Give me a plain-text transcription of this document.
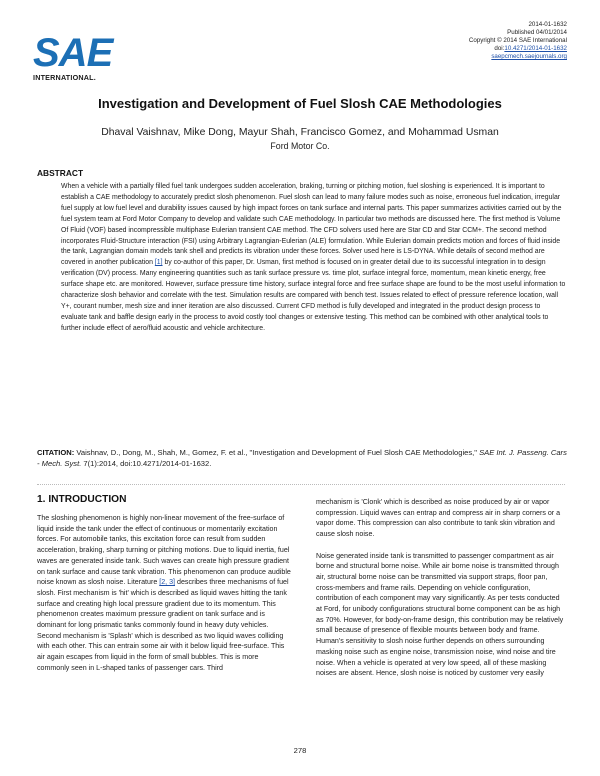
SAE
INTERNATIONAL.
2014-01-1632
Published 04/01/2014
Copyright © 2014 SAE International
doi:10.4271/2014-01-1632
saepcmech.saejournals.org
Investigation and Development of Fuel Slosh CAE Methodologies
Dhaval Vaishnav, Mike Dong, Mayur Shah, Francisco Gomez, and Mohammad Usman
Ford Motor Co.
ABSTRACT
When a vehicle with a partially filled fuel tank undergoes sudden acceleration, braking, turning or pitching motion, fuel sloshing is experienced. It is important to establish a CAE methodology to accurately predict slosh phenomenon. Fuel slosh can lead to many failure modes such as noise, erroneous fuel indication, irregular fuel supply at low fuel level and durability issues caused by high impact forces on tank surface and internal parts. This paper summarizes activities carried out by the fuel system team at Ford Motor Company to develop and validate such CAE methodology. In particular two methods are discussed here. The first method is Volume Of Fluid (VOF) based incompressible multiphase Eulerian transient CAE method. The CFD solvers used here are Star CD and Star CCM+. The second method incorporates Fluid-Structure interaction (FSI) using Arbitrary Lagrangian-Eulerian (ALE) formulation. While Eulerian domain predicts motion and forces of fluid inside the tank, Lagrangian domain models tank shell and predicts its vibration under these forces. Solver used here is LS-DYNA. While details of second method are covered in another publication [1] by co-author of this paper, Dr. Usman, first method is focused on in greater detail due to its successful integration in to design verification (DV) process. Many engineering quantities such as tank surface pressure vs. time plot, surface integral force, momentum, mean kinetic energy, free surface shape etc. are monitored. However, surface pressure time history, surface integral force and free surface shape are found to be the most useful information to characterize slosh behavior and correlate with the test. Simulation results are compared with bench test. Issues related to effect of pressure reference location, wall Y+, courant number, mesh size and inner iteration are also discussed. Current CFD method is fully developed and integrated in the product design process to evaluate tank and baffle design early in the process to avoid costly tool changes or extensive testing. This method can be combined with other analytical tools to further include effect of aero/fluid acoustic and vehicle architecture.
CITATION: Vaishnav, D., Dong, M., Shah, M., Gomez, F. et al., "Investigation and Development of Fuel Slosh CAE Methodologies," SAE Int. J. Passeng. Cars - Mech. Syst. 7(1):2014, doi:10.4271/2014-01-1632.
1. INTRODUCTION

The sloshing phenomenon is highly non-linear movement of the free-surface of liquid inside the tank under the effect of continuous or momentarily excitation forces. For automobile tanks, this excitation force can result from sudden acceleration, braking, sharp turning or pitching motions. Due to liquid inertia, fuel waves are generated inside tank. Such waves can create high pressure gradient on tank surface and cause tank vibration. This phenomenon can produce audible noise known as slosh noise. Literature [2, 3] describes three mechanisms of fuel slosh. First mechanism is 'hit' which is described as liquid waves hitting the tank surface and creating high local pressure gradient due to its momentum. This phenomenon creates maximum pressure gradient on tank surface and is dominant for long prismatic tanks commonly found in heavy duty vehicles. Second mechanism is 'Splash' which is described as two liquid waves colliding with each other. This can entrain some air with it below liquid free-surface. This air again escapes from liquid in the form of small bubbles. This is more commonly seen in L-shaped tanks of passenger cars. Third

mechanism is 'Clonk' which is described as noise produced by air or vapor compression. Liquid waves can entrap and compress air in sharp corners or a vapor dome. This compression can also contribute to tank skin vibration and cause slosh noise.

Noise generated inside tank is transmitted to passenger compartment as air borne and structural borne noise. While air borne noise is transmitted through air, structural borne noise can be transmitted via support straps, floor pan, cross-members and frame rails. Depending on vehicle configuration, contribution of each component may vary significantly. As per tests conducted at Ford, for unibody configurations structural borne component can be as high as 70%. However, for body-on-frame design, this contribution may be relatively small because of presence of flexible mounts between body and frame. Human's sensitivity to slosh noise further depends on others surrounding masking noise such as engine noise, transmission noise, wind noise and tire noise. When a vehicle is operated at very low speed, all of these masking noises are absent. Hence, slosh noise is noticed by customer very easily

278
